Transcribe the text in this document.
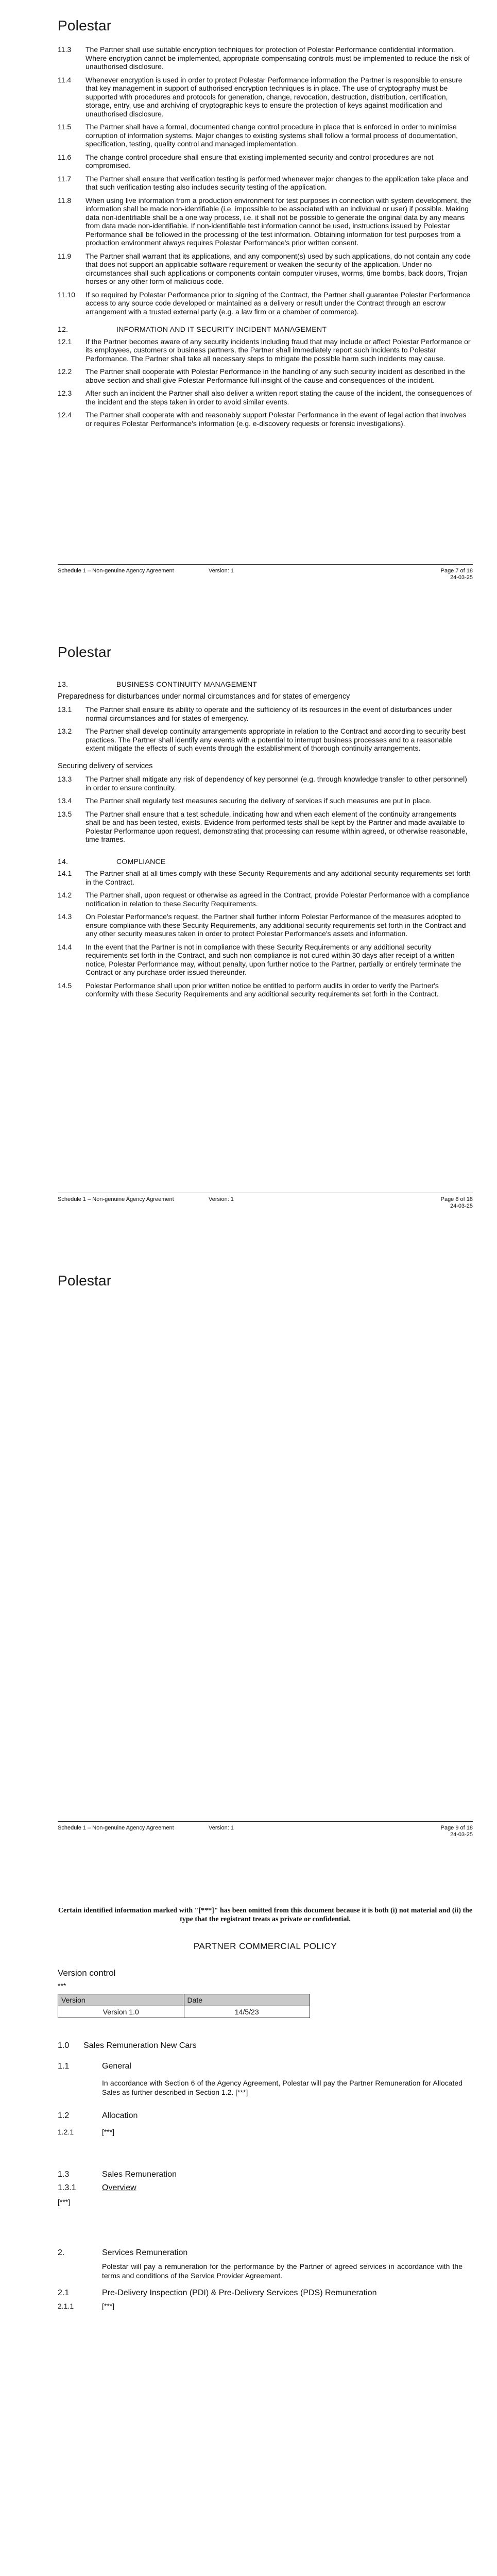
Polestar
11.3	The Partner shall use suitable encryption techniques for protection of Polestar Performance confidential information. Where encryption cannot be implemented, appropriate compensating controls must be implemented to reduce the risk of unauthorised disclosure.
11.4	Whenever encryption is used in order to protect Polestar Performance information the Partner is responsible to ensure that key management in support of authorised encryption techniques is in place. The use of cryptography must be supported with procedures and protocols for generation, change, revocation, destruction, distribution, certification, storage, entry, use and archiving of cryptographic keys to ensure the protection of keys against modification and unauthorised disclosure.
11.5	The Partner shall have a formal, documented change control procedure in place that is enforced in order to minimise corruption of information systems. Major changes to existing systems shall follow a formal process of documentation, specification, testing, quality control and managed implementation.
11.6	The change control procedure shall ensure that existing implemented security and control procedures are not compromised.
11.7	The Partner shall ensure that verification testing is performed whenever major changes to the application take place and that such verification testing also includes security testing of the application.
11.8	When using live information from a production environment for test purposes in connection with system development, the information shall be made non-identifiable (i.e. impossible to be associated with an individual or user) if possible. Making data non-identifiable shall be a one way process, i.e. it shall not be possible to generate the original data by any means from data made non-identifiable. If non-identifiable test information cannot be used, instructions issued by Polestar Performance shall be followed in the processing of the test information. Obtaining information for test purposes from a production environment always requires Polestar Performance's prior written consent.
11.9	The Partner shall warrant that its applications, and any component(s) used by such applications, do not contain any code that does not support an applicable software requirement or weaken the security of the application. Under no circumstances shall such applications or components contain computer viruses, worms, time bombs, back doors, Trojan horses or any other form of malicious code.
11.10	If so required by Polestar Performance prior to signing of the Contract, the Partner shall guarantee Polestar Performance access to any source code developed or maintained as a delivery or result under the Contract through an escrow arrangement with a trusted external party (e.g. a law firm or a chamber of commerce).
12.	INFORMATION AND IT SECURITY INCIDENT MANAGEMENT
12.1	If the Partner becomes aware of any security incidents including fraud that may include or affect Polestar Performance or its employees, customers or business partners, the Partner shall immediately report such incidents to Polestar Performance. The Partner shall take all necessary steps to mitigate the possible harm such incidents may cause.
12.2	The Partner shall cooperate with Polestar Performance in the handling of any such security incident as described in the above section and shall give Polestar Performance full insight of the cause and consequences of the incident.
12.3	After such an incident the Partner shall also deliver a written report stating the cause of the incident, the consequences of the incident and the steps taken in order to avoid similar events.
12.4	The Partner shall cooperate with and reasonably support Polestar Performance in the event of legal action that involves or requires Polestar Performance's information (e.g. e-discovery requests or forensic investigations).
Schedule 1 – Non-genuine Agency Agreement	Version: 1	Page 7 of 18
24-03-25
Polestar
13.	BUSINESS CONTINUITY MANAGEMENT
Preparedness for disturbances under normal circumstances and for states of emergency
13.1	The Partner shall ensure its ability to operate and the sufficiency of its resources in the event of disturbances under normal circumstances and for states of emergency.
13.2	The Partner shall develop continuity arrangements appropriate in relation to the Contract and according to security best practices. The Partner shall identify any events with a potential to interrupt business processes and to a reasonable extent mitigate the effects of such events through the establishment of thorough continuity arrangements.
Securing delivery of services
13.3	The Partner shall mitigate any risk of dependency of key personnel (e.g. through knowledge transfer to other personnel) in order to ensure continuity.
13.4	The Partner shall regularly test measures securing the delivery of services if such measures are put in place.
13.5	The Partner shall ensure that a test schedule, indicating how and when each element of the continuity arrangements shall be and has been tested, exists. Evidence from performed tests shall be kept by the Partner and made available to Polestar Performance upon request, demonstrating that processing can resume within agreed, or otherwise reasonable, time frames.
14.	COMPLIANCE
14.1	The Partner shall at all times comply with these Security Requirements and any additional security requirements set forth in the Contract.
14.2	The Partner shall, upon request or otherwise as agreed in the Contract, provide Polestar Performance with a compliance notification in relation to these Security Requirements.
14.3	On Polestar Performance's request, the Partner shall further inform Polestar Performance of the measures adopted to ensure compliance with these Security Requirements, any additional security requirements set forth in the Contract and any other security measures taken in order to protect Polestar Performance's assets and information.
14.4	In the event that the Partner is not in compliance with these Security Requirements or any additional security requirements set forth in the Contract, and such non compliance is not cured within 30 days after receipt of a written notice, Polestar Performance may, without penalty, upon further notice to the Partner, partially or entirely terminate the Contract or any purchase order issued thereunder.
14.5	Polestar Performance shall upon prior written notice be entitled to perform audits in order to verify the Partner's conformity with these Security Requirements and any additional security requirements set forth in the Contract.
Schedule 1 – Non-genuine Agency Agreement	Version: 1	Page 8 of 18
24-03-25
Polestar
Schedule 1 – Non-genuine Agency Agreement	Version: 1	Page 9 of 18
24-03-25
Certain identified information marked with "[***]" has been omitted from this document because it is both (i) not material and (ii) the type that the registrant treats as private or confidential.
PARTNER COMMERCIAL POLICY
Version control
***
Version	Date
Version 1.0	14/5/23
1.0 Sales Remuneration New Cars
1.1	General
In accordance with Section 6 of the Agency Agreement, Polestar will pay the Partner Remuneration for Allocated Sales as further described in Section 1.2. [***]
1.2	Allocation
1.2.1	[***]
1.3	Sales Remuneration
1.3.1	Overview
[***]
2.	Services Remuneration
Polestar will pay a remuneration for the performance by the Partner of agreed services in accordance with the terms and conditions of the Service Provider Agreement.
2.1	Pre-Delivery Inspection (PDI) & Pre-Delivery Services (PDS) Remuneration
2.1.1	[***]
